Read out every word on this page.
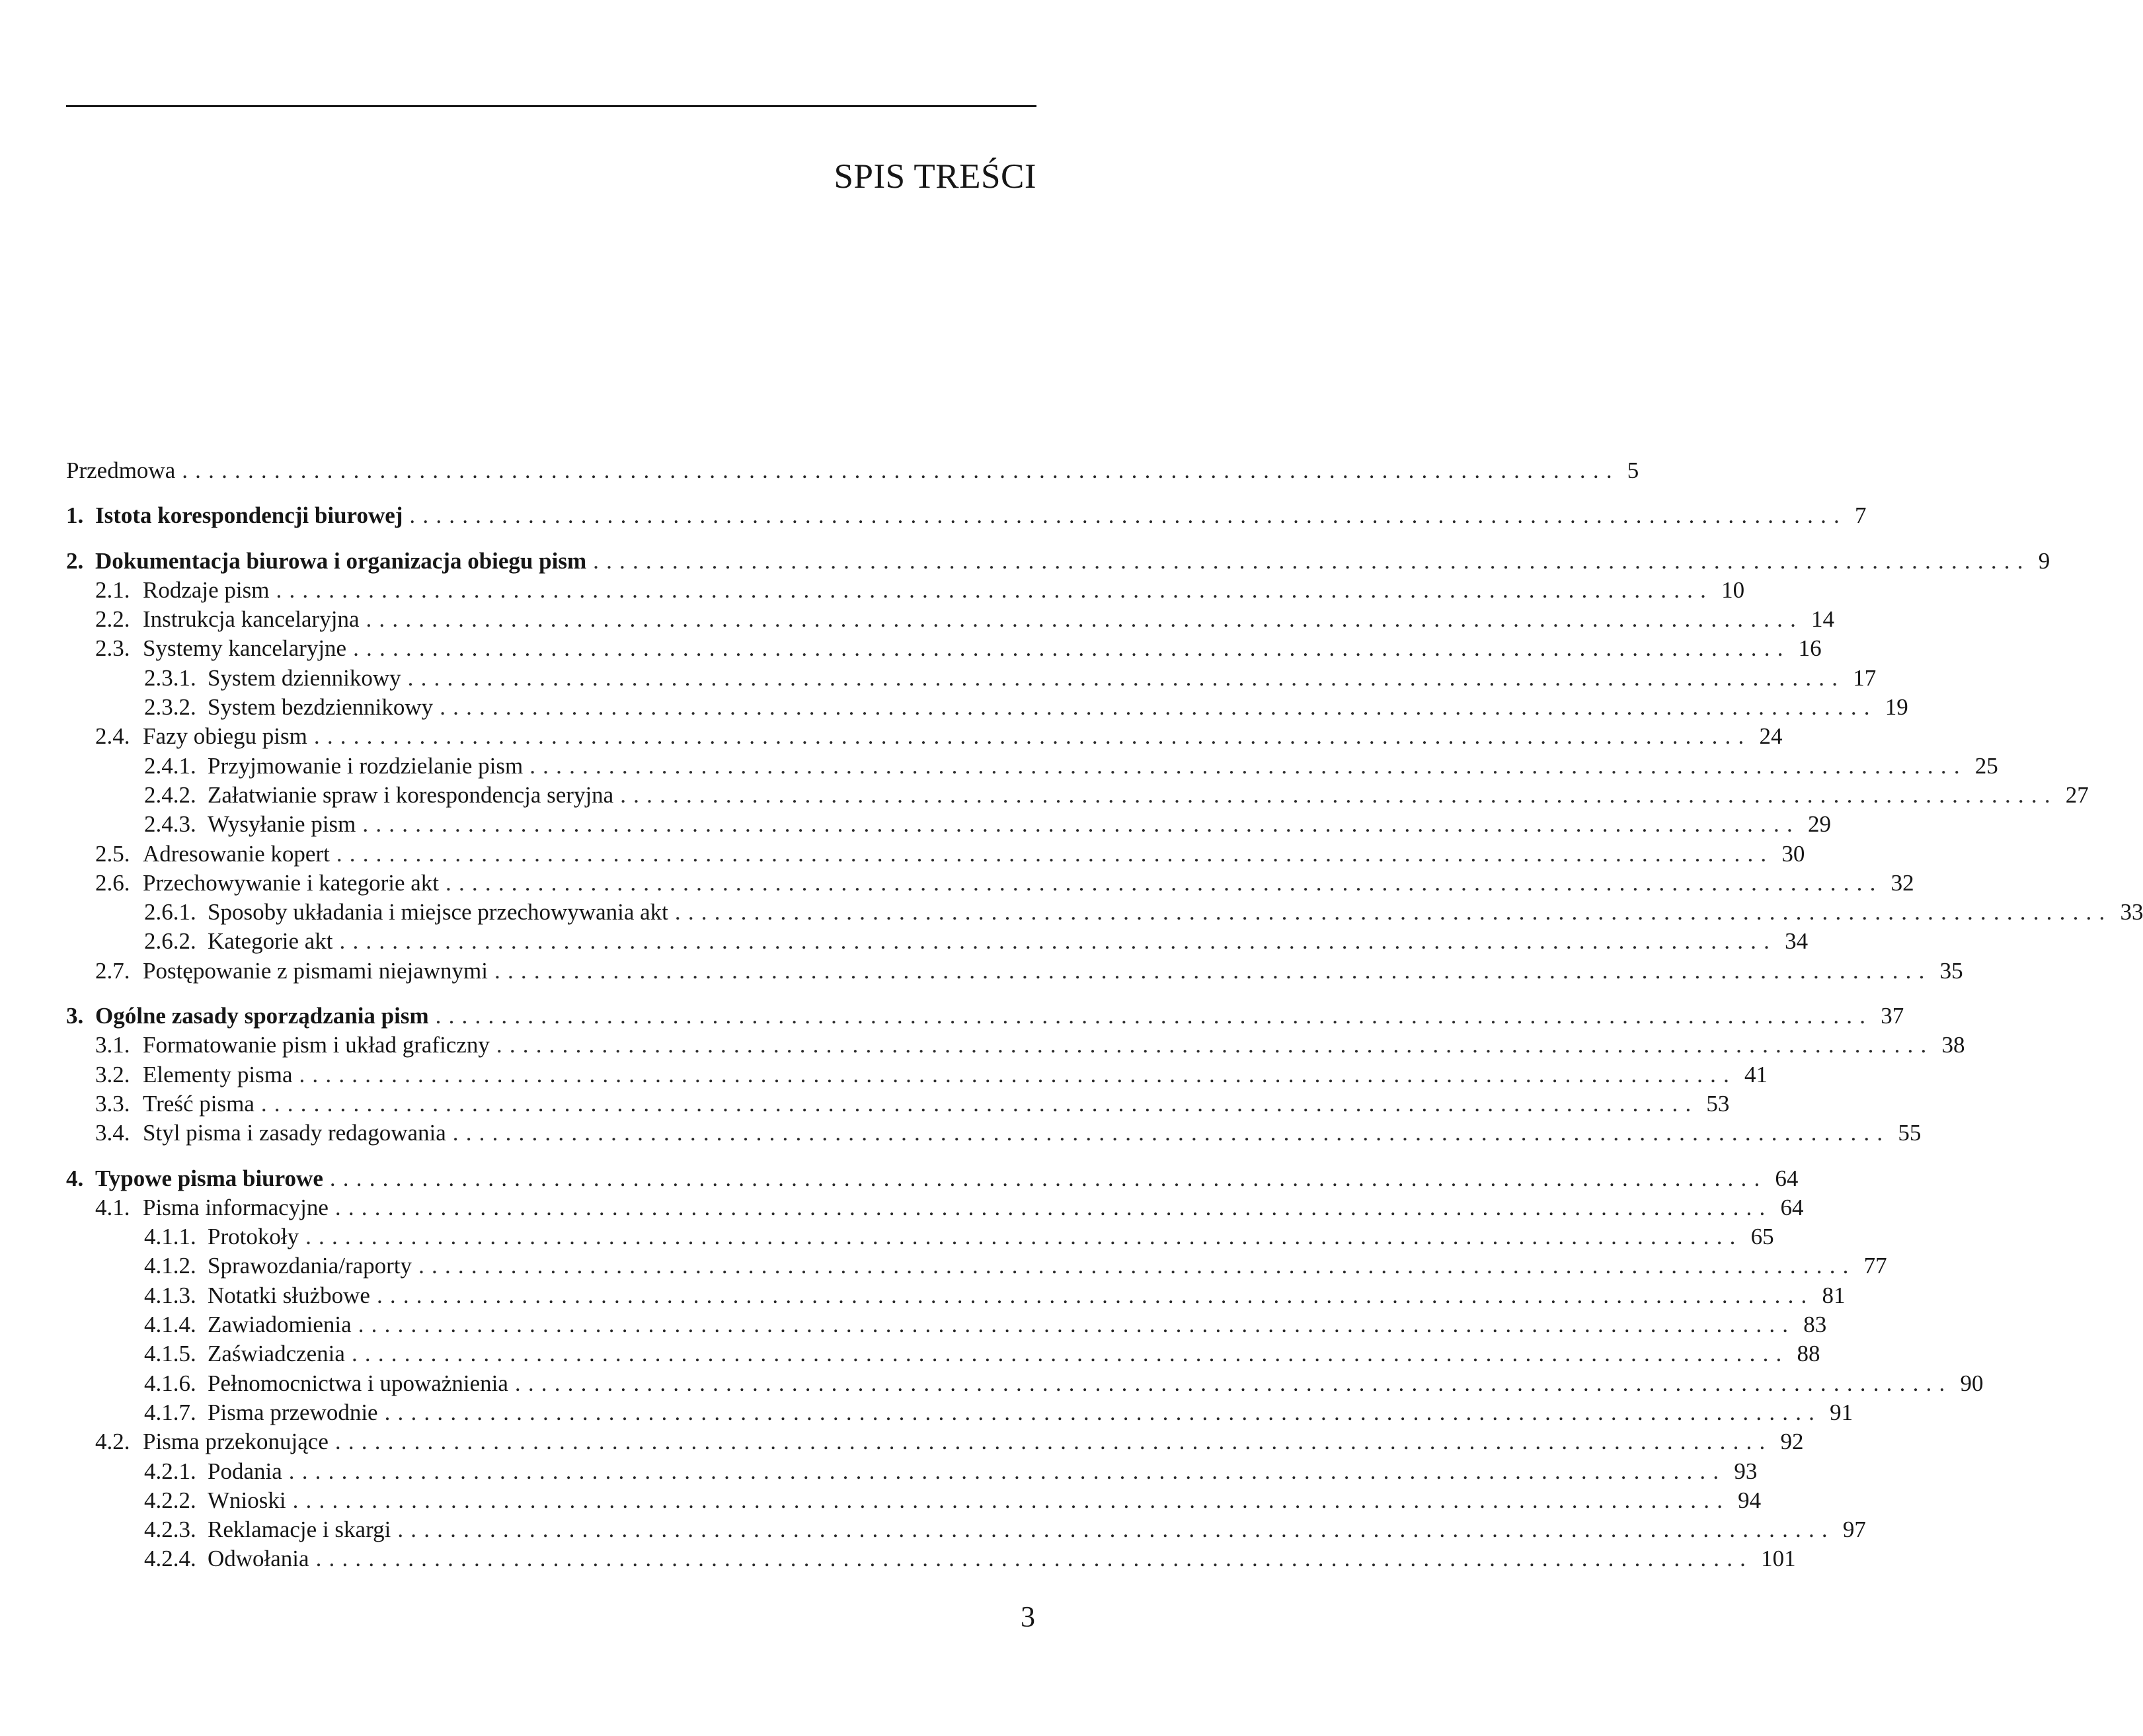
SPIS TREŚCI
Przedmowa ............................................................................................................. 5
1. Istota korespondencji biurowej ............................................................................................................. 7
2. Dokumentacja biurowa i organizacja obiegu pism ............................................................................................................. 9
2.1. Rodzaje pism ............................................................................................................. 10
2.2. Instrukcja kancelaryjna ............................................................................................................. 14
2.3. Systemy kancelaryjne ............................................................................................................. 16
2.3.1. System dziennikowy ............................................................................................................. 17
2.3.2. System bezdziennikowy ............................................................................................................. 19
2.4. Fazy obiegu pism ............................................................................................................. 24
2.4.1. Przyjmowanie i rozdzielanie pism ............................................................................................................. 25
2.4.2. Załatwianie spraw i korespondencja seryjna ............................................................................................................. 27
2.4.3. Wysyłanie pism ............................................................................................................. 29
2.5. Adresowanie kopert ............................................................................................................. 30
2.6. Przechowywanie i kategorie akt ............................................................................................................. 32
2.6.1. Sposoby układania i miejsce przechowywania akt ............................................................................................................. 33
2.6.2. Kategorie akt ............................................................................................................. 34
2.7. Postępowanie z pismami niejawnymi ............................................................................................................. 35
3. Ogólne zasady sporządzania pism ............................................................................................................. 37
3.1. Formatowanie pism i układ graficzny ............................................................................................................. 38
3.2. Elementy pisma ............................................................................................................. 41
3.3. Treść pisma ............................................................................................................. 53
3.4. Styl pisma i zasady redagowania ............................................................................................................. 55
4. Typowe pisma biurowe ............................................................................................................. 64
4.1. Pisma informacyjne ............................................................................................................. 64
4.1.1. Protokoły ............................................................................................................. 65
4.1.2. Sprawozdania/raporty ............................................................................................................. 77
4.1.3. Notatki służbowe ............................................................................................................. 81
4.1.4. Zawiadomienia ............................................................................................................. 83
4.1.5. Zaświadczenia ............................................................................................................. 88
4.1.6. Pełnomocnictwa i upoważnienia ............................................................................................................. 90
4.1.7. Pisma przewodnie ............................................................................................................. 91
4.2. Pisma przekonujące ............................................................................................................. 92
4.2.1. Podania ............................................................................................................. 93
4.2.2. Wnioski ............................................................................................................. 94
4.2.3. Reklamacje i skargi ............................................................................................................. 97
4.2.4. Odwołania ............................................................................................................. 101
3
